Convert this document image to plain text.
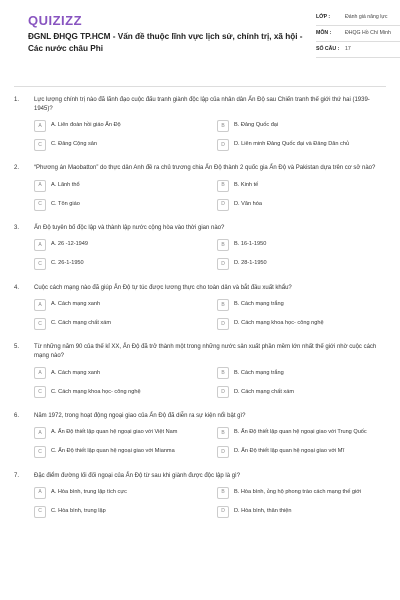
QUIZIZZ
ĐGNL ĐHQG TP.HCM - Vấn đề thuộc lĩnh vực lịch sử, chính trị, xã hội - Các nước châu Phi
LỚP :	Đánh giá năng lực
MÔN :	ĐHQG Hồ Chí Minh
SỐ CÂU :	17
1.	Lực lượng chính trị nào đã lãnh đạo cuộc đấu tranh giành độc lập của nhân dân Ấn Độ sau Chiến tranh thế giới thứ hai (1939-1945)?
A	A. Liên đoàn hồi giáo Ấn Độ	B	B. Đảng Quốc đại
C	C. Đảng Cộng sản	D	D. Liên minh Đảng Quốc đại và Đảng Dân chủ
2.	“Phương án Maobatton” do thực dân Anh đề ra chủ trương chia Ấn Độ thành 2 quốc gia Ấn Độ và Pakistan dựa trên cơ sở nào?
A	A. Lãnh thổ	B	B. Kinh tế
C	C. Tôn giáo	D	D. Văn hóa
3.	Ấn Độ tuyên bố độc lập và thành lập nước cộng hòa vào thời gian nào?
A	A. 26 -12-1949	B	B. 16-1-1950
C	C. 26-1-1950	D	D. 28-1-1950
4.	Cuộc cách mạng nào đã giúp Ấn Độ tự túc được lương thực cho toàn dân và bắt đầu xuất khẩu?
A	A. Cách mạng xanh	B	B. Cách mạng trắng
C	C. Cách mạng chất xám	D	D. Cách mạng khoa học- công nghệ
5.	Từ những năm 90 của thế kỉ XX, Ấn Độ đã trở thành một trong những nước sản xuất phần mềm lớn nhất thế giới nhờ cuộc cách mạng nào?
A	A. Cách mạng xanh	B	B. Cách mạng trắng
C	C. Cách mạng khoa học- công nghệ	D	D. Cách mạng chất xám
6.	Năm 1972, trong hoạt động ngoại giao của Ấn Độ đã diễn ra sự kiện nổi bật gì?
A	A. Ấn Độ thiết lập quan hệ ngoại giao với Việt Nam	B	B. Ấn Độ thiết lập quan hệ ngoại giao với Trung Quốc
C	C. Ấn Độ thiết lập quan hệ ngoại giao với Mianma	D	D. Ấn Độ thiết lập quan hệ ngoại giao với Mĩ
7.	Đặc điểm đường lối đối ngoại của Ấn Độ từ sau khi giành được độc lập là gì?
A	A. Hòa bình, trung lập tích cực	B	B. Hòa bình, ủng hộ phong trào cách mạng thế giới
C	C. Hòa bình, trung lập	D	D. Hòa bình, thân thiện
